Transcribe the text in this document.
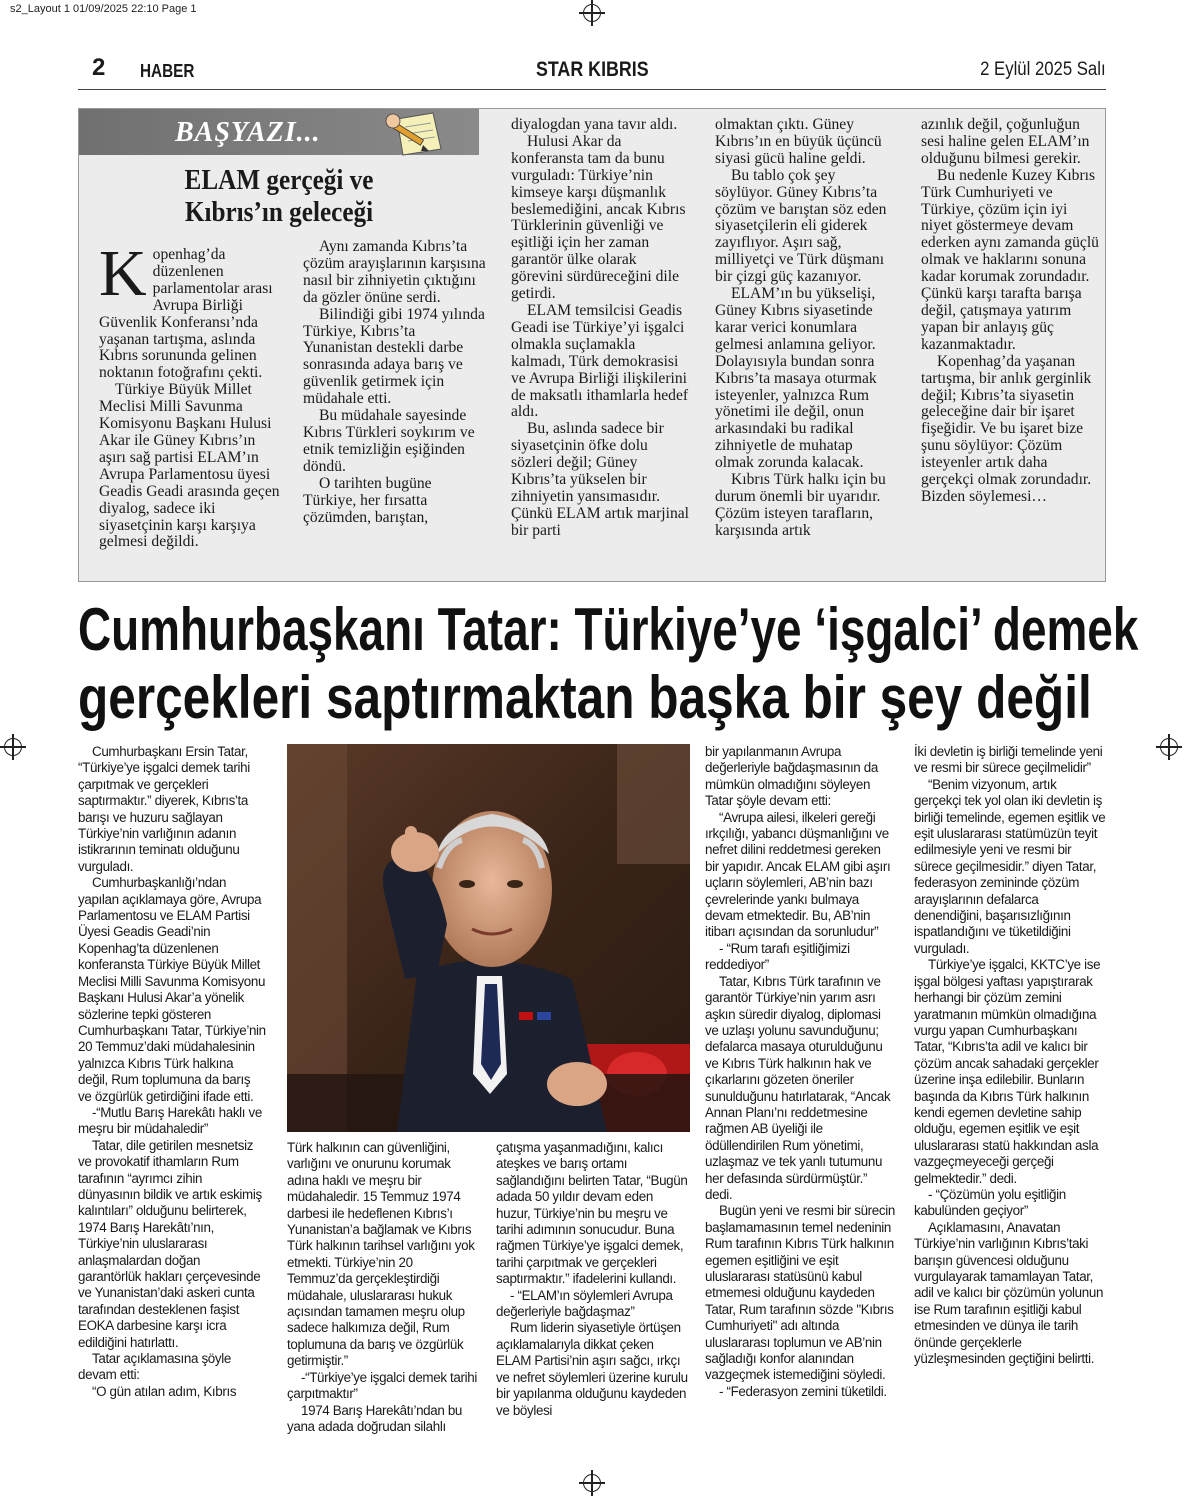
s2_Layout 1 01/09/2025 22:10 Page 1
2 HABER	STAR KIBRIS	2 Eylül 2025 Salı
BAŞYAZI...
ELAM gerçeği ve
Kıbrıs’ın geleceği

Kopenhag’da düzenlenen parlamentolar arası Avrupa Birliği Güvenlik Konferansı’nda yaşanan tartışma, aslında Kıbrıs sorununda gelinen noktanın fotoğrafını çekti.

Türkiye Büyük Millet Meclisi Milli Savunma Komisyonu Başkanı Hulusi Akar ile Güney Kıbrıs’ın aşırı sağ partisi ELAM’ın Avrupa Parlamentosu üyesi Geadis Geadi arasında geçen diyalog, sadece iki siyasetçinin karşı karşıya gelmesi değildi.

Aynı zamanda Kıbrıs’ta çözüm arayışlarının karşısına nasıl bir zihniyetin çıktığını da gözler önüne serdi.

Bilindiği gibi 1974 yılında Türkiye, Kıbrıs’ta Yunanistan destekli darbe sonrasında adaya barış ve güvenlik getirmek için müdahale etti.

Bu müdahale sayesinde Kıbrıs Türkleri soykırım ve etnik temizliğin eşiğinden döndü.

O tarihten bugüne Türkiye, her fırsatta çözümden, barıştan,

diyalogdan yana tavır aldı.

Hulusi Akar da konferansta tam da bunu vurguladı: Türkiye’nin kimseye karşı düşmanlık beslemediğini, ancak Kıbrıs Türklerinin güvenliği ve eşitliği için her zaman garantör ülke olarak görevini sürdüreceğini dile getirdi.

ELAM temsilcisi Geadis Geadi ise Türkiye’yi işgalci olmakla suçlamakla kalmadı, Türk demokrasisi ve Avrupa Birliği ilişkilerini de maksatlı ithamlarla hedef aldı.

Bu, aslında sadece bir siyasetçinin öfke dolu sözleri değil; Güney Kıbrıs’ta yükselen bir zihniyetin yansımasıdır. Çünkü ELAM artık marjinal bir parti

olmaktan çıktı. Güney Kıbrıs’ın en büyük üçüncü siyasi gücü haline geldi.

Bu tablo çok şey söylüyor. Güney Kıbrıs’ta çözüm ve barıştan söz eden siyasetçilerin eli giderek zayıflıyor. Aşırı sağ, milliyetçi ve Türk düşmanı bir çizgi güç kazanıyor.

ELAM’ın bu yükselişi, Güney Kıbrıs siyasetinde karar verici konumlara gelmesi anlamına geliyor. Dolayısıyla bundan sonra Kıbrıs’ta masaya oturmak isteyenler, yalnızca Rum yönetimi ile değil, onun arkasındaki bu radikal zihniyetle de muhatap olmak zorunda kalacak.

Kıbrıs Türk halkı için bu durum önemli bir uyarıdır. Çözüm isteyen tarafların, karşısında artık

azınlık değil, çoğunluğun sesi haline gelen ELAM’ın olduğunu bilmesi gerekir.

Bu nedenle Kuzey Kıbrıs Türk Cumhuriyeti ve Türkiye, çözüm için iyi niyet göstermeye devam ederken aynı zamanda güçlü olmak ve haklarını sonuna kadar korumak zorundadır. Çünkü karşı tarafta barışa değil, çatışmaya yatırım yapan bir anlayış güç kazanmaktadır.

Kopenhag’da yaşanan tartışma, bir anlık gerginlik değil; Kıbrıs’ta siyasetin geleceğine dair bir işaret fişeğidir. Ve bu işaret bize şunu söylüyor: Çözüm isteyenler artık daha gerçekçi olmak zorundadır. Bizden söylemesi…

Cumhurbaşkanı Tatar: Türkiye’ye ‘işgalci’ demek
gerçekleri saptırmaktan başka bir şey değil

Cumhurbaşkanı Ersin Tatar, “Türkiye’ye işgalci demek tarihi çarpıtmak ve gerçekleri saptırmaktır.” diyerek, Kıbrıs’ta barışı ve huzuru sağlayan Türkiye’nin varlığının adanın istikrarının teminatı olduğunu vurguladı.

Cumhurbaşkanlığı’ndan yapılan açıklamaya göre, Avrupa Parlamentosu ve ELAM Partisi Üyesi Geadis Geadi’nin Kopenhag’ta düzenlenen konferansta Türkiye Büyük Millet Meclisi Milli Savunma Komisyonu Başkanı Hulusi Akar’a yönelik sözlerine tepki gösteren Cumhurbaşkanı Tatar, Türkiye’nin 20 Temmuz’daki müdahalesinin yalnızca Kıbrıs Türk halkına değil, Rum toplumuna da barış ve özgürlük getirdiğini ifade etti.

-“Mutlu Barış Harekâtı haklı ve meşru bir müdahaledir”

Tatar, dile getirilen mesnetsiz ve provokatif ithamların Rum tarafının “ayrımcı zihin dünyasının bildik ve artık eskimiş kalıntıları” olduğunu belirterek, 1974 Barış Harekâtı’nın, Türkiye’nin uluslararası anlaşmalardan doğan garantörlük hakları çerçevesinde ve Yunanistan’daki askeri cunta tarafından desteklenen faşist EOKA darbesine karşı icra edildiğini hatırlattı.

Tatar açıklamasına şöyle devam etti:

“O gün atılan adım, Kıbrıs

Türk halkının can güvenliğini, varlığını ve onurunu korumak adına haklı ve meşru bir müdahaledir. 15 Temmuz 1974 darbesi ile hedeflenen Kıbrıs’ı Yunanistan’a bağlamak ve Kıbrıs Türk halkının tarihsel varlığını yok etmekti. Türkiye’nin 20 Temmuz’da gerçekleştirdiği müdahale, uluslararası hukuk açısından tamamen meşru olup sadece halkımıza değil, Rum toplumuna da barış ve özgürlük getirmiştir.”

-“Türkiye’ye işgalci demek tarihi çarpıtmaktır”

1974 Barış Harekâtı’ndan bu yana adada doğrudan silahlı

çatışma yaşanmadığını, kalıcı ateşkes ve barış ortamı sağlandığını belirten Tatar, “Bugün adada 50 yıldır devam eden huzur, Türkiye’nin bu meşru ve tarihi adımının sonucudur. Buna rağmen Türkiye’ye işgalci demek, tarihi çarpıtmak ve gerçekleri saptırmaktır.” ifadelerini kullandı.

- “ELAM’ın söylemleri Avrupa değerleriyle bağdaşmaz”

Rum liderin siyasetiyle örtüşen açıklamalarıyla dikkat çeken ELAM Partisi’nin aşırı sağcı, ırkçı ve nefret söylemleri üzerine kurulu bir yapılanma olduğunu kaydeden ve böylesi

bir yapılanmanın Avrupa değerleriyle bağdaşmasının da mümkün olmadığını söyleyen Tatar şöyle devam etti:

“Avrupa ailesi, ilkeleri gereği ırkçılığı, yabancı düşmanlığını ve nefret dilini reddetmesi gereken bir yapıdır. Ancak ELAM gibi aşırı uçların söylemleri, AB’nin bazı çevrelerinde yankı bulmaya devam etmektedir. Bu, AB’nin itibarı açısından da sorunludur”

- “Rum tarafı eşitliğimizi reddediyor”

Tatar, Kıbrıs Türk tarafının ve garantör Türkiye’nin yarım asrı aşkın süredir diyalog, diplomasi ve uzlaşı yolunu savunduğunu; defalarca masaya oturulduğunu ve Kıbrıs Türk halkının hak ve çıkarlarını gözeten öneriler sunulduğunu hatırlatarak, “Ancak Annan Planı’nı reddetmesine rağmen AB üyeliği ile ödüllendirilen Rum yönetimi, uzlaşmaz ve tek yanlı tutumunu her defasında sürdürmüştür.” dedi.

Bugün yeni ve resmi bir sürecin başlamamasının temel nedeninin Rum tarafının Kıbrıs Türk halkının egemen eşitliğini ve eşit uluslararası statüsünü kabul etmemesi olduğunu kaydeden Tatar, Rum tarafının sözde "Kıbrıs Cumhuriyeti" adı altında uluslararası toplumun ve AB’nin sağladığı konfor alanından vazgeçmek istemediğini söyledi.

- “Federasyon zemini tüketildi.

İki devletin iş birliği temelinde yeni ve resmi bir sürece geçilmelidir”

“Benim vizyonum, artık gerçekçi tek yol olan iki devletin iş birliği temelinde, egemen eşitlik ve eşit uluslararası statümüzün teyit edilmesiyle yeni ve resmi bir sürece geçilmesidir.” diyen Tatar, federasyon zemininde çözüm arayışlarının defalarca denendiğini, başarısızlığının ispatlandığını ve tüketildiğini vurguladı.

Türkiye’ye işgalci, KKTC’ye ise işgal bölgesi yaftası yapıştırarak herhangi bir çözüm zemini yaratmanın mümkün olmadığına vurgu yapan Cumhurbaşkanı Tatar, “Kıbrıs’ta adil ve kalıcı bir çözüm ancak sahadaki gerçekler üzerine inşa edilebilir. Bunların başında da Kıbrıs Türk halkının kendi egemen devletine sahip olduğu, egemen eşitlik ve eşit uluslararası statü hakkından asla vazgeçmeyeceği gerçeği gelmektedir.” dedi.

- “Çözümün yolu eşitliğin kabulünden geçiyor”

Açıklamasını, Anavatan Türkiye’nin varlığının Kıbrıs’taki barışın güvencesi olduğunu vurgulayarak tamamlayan Tatar, adil ve kalıcı bir çözümün yolunun ise Rum tarafının eşitliği kabul etmesinden ve dünya ile tarih önünde gerçeklerle yüzleşmesinden geçtiğini belirtti.
